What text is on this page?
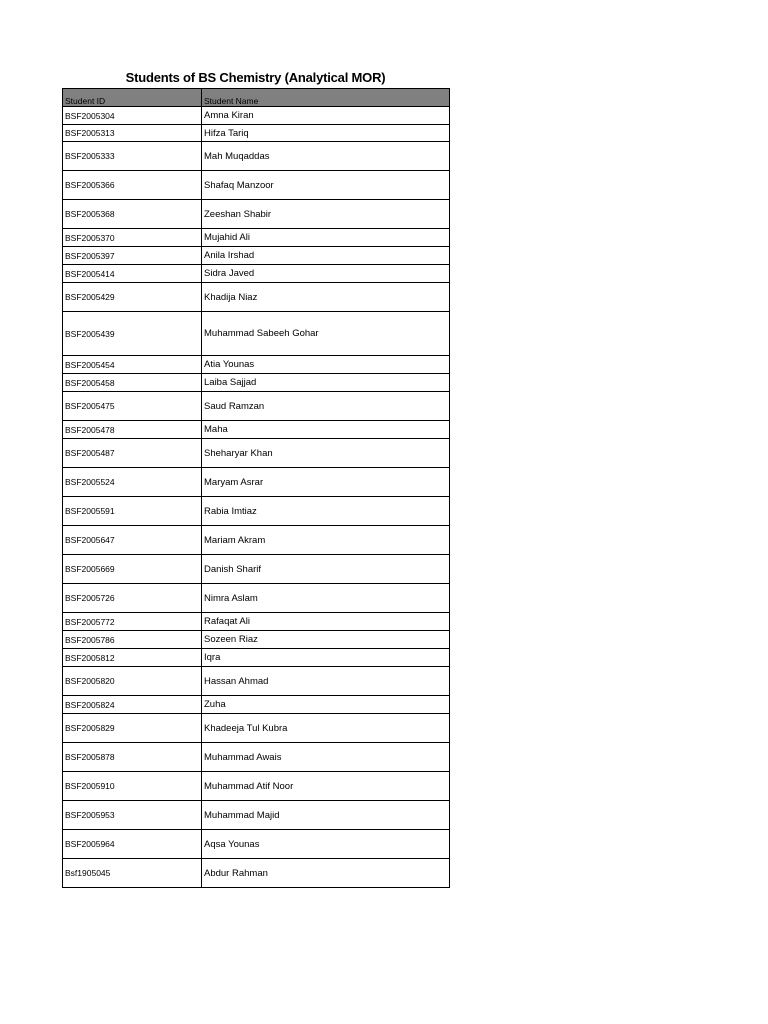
Students of BS Chemistry (Analytical MOR)
Student ID	Student Name
BSF2005304	Amna Kiran
BSF2005313	Hifza Tariq
BSF2005333	Mah Muqaddas
BSF2005366	Shafaq Manzoor
BSF2005368	Zeeshan Shabir
BSF2005370	Mujahid Ali
BSF2005397	Anila Irshad
BSF2005414	Sidra Javed
BSF2005429	Khadija Niaz
BSF2005439	Muhammad Sabeeh Gohar
BSF2005454	Atia Younas
BSF2005458	Laiba Sajjad
BSF2005475	Saud Ramzan
BSF2005478	Maha
BSF2005487	Sheharyar Khan
BSF2005524	Maryam Asrar
BSF2005591	Rabia Imtiaz
BSF2005647	Mariam Akram
BSF2005669	Danish Sharif
BSF2005726	Nimra Aslam
BSF2005772	Rafaqat Ali
BSF2005786	Sozeen Riaz
BSF2005812	Iqra
BSF2005820	Hassan Ahmad
BSF2005824	Zuha
BSF2005829	Khadeeja Tul Kubra
BSF2005878	Muhammad Awais
BSF2005910	Muhammad Atif Noor
BSF2005953	Muhammad Majid
BSF2005964	Aqsa Younas
Bsf1905045	Abdur Rahman
